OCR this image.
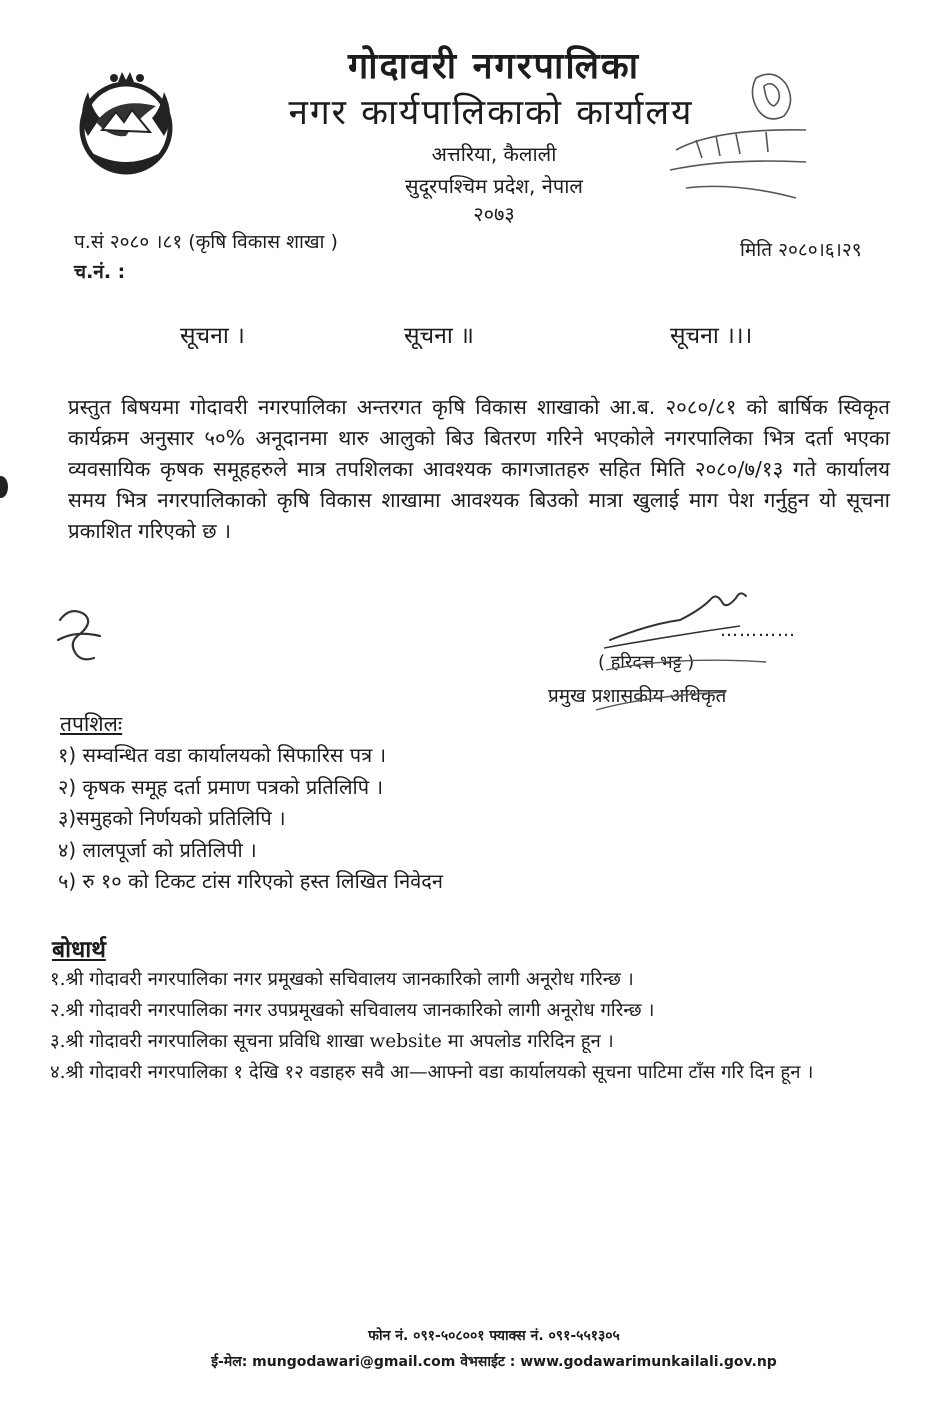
गोदावरी नगरपालिका
नगर कार्यपालिकाको कार्यालय
अत्तरिया, कैलाली
सुदूरपश्चिम प्रदेश, नेपाल
२०७३
प.सं २०८० ।८१ (कृषि विकास शाखा )
च.नं. :
मिति २०८०।६।२९
सूचना ।	सूचना ॥	सूचना ।।।
प्रस्तुत बिषयमा गोदावरी नगरपालिका अन्तरगत कृषि विकास शाखाको आ.ब. २०८०/८१ को बार्षिक स्विकृत कार्यक्रम अनुसार ५०% अनूदानमा थारु आलुको बिउ बितरण गरिने भएकोले नगरपालिका भित्र दर्ता भएका व्यवसायिक कृषक समूहहरुले मात्र तपशिलका आवश्यक कागजातहरु सहित मिति २०८०/७/१३ गते कार्यालय समय भित्र नगरपालिकाको कृषि विकास शाखामा आवश्यक बिउको मात्रा खुलाई माग पेश गर्नुहुन यो सूचना प्रकाशित गरिएको छ ।
…………
( हरिदत्त भट्ट )
प्रमुख प्रशासकीय अधिकृत
तपशिलः
१) सम्वन्धित वडा कार्यालयको सिफारिस पत्र ।
२) कृषक समूह दर्ता प्रमाण पत्रको प्रतिलिपि ।
३)समुहको निर्णयको प्रतिलिपि ।
४) लालपूर्जा को प्रतिलिपी ।
५) रु १० को टिकट टांस गरिएको हस्त लिखित निवेदन
बोधार्थ
१.श्री गोदावरी नगरपालिका नगर प्रमूखको सचिवालय जानकारिको लागी अनूरोध गरिन्छ ।
२.श्री गोदावरी नगरपालिका नगर उपप्रमूखको सचिवालय जानकारिको लागी अनूरोध गरिन्छ ।
३.श्री गोदावरी नगरपालिका सूचना प्रविधि शाखा website मा अपलोड गरिदिन हून ।
४.श्री गोदावरी नगरपालिका १ देखि १२ वडाहरु सवै आ—आफ्नो वडा कार्यालयको सूचना पाटिमा टाँस गरि दिन हून ।
फोन नं. ०९१-५०८००१ फ्याक्स नं. ०९१-५५१३०५
ई-मेल: mungodawari@gmail.com वेभसाईट : www.godawarimunkailali.gov.np
